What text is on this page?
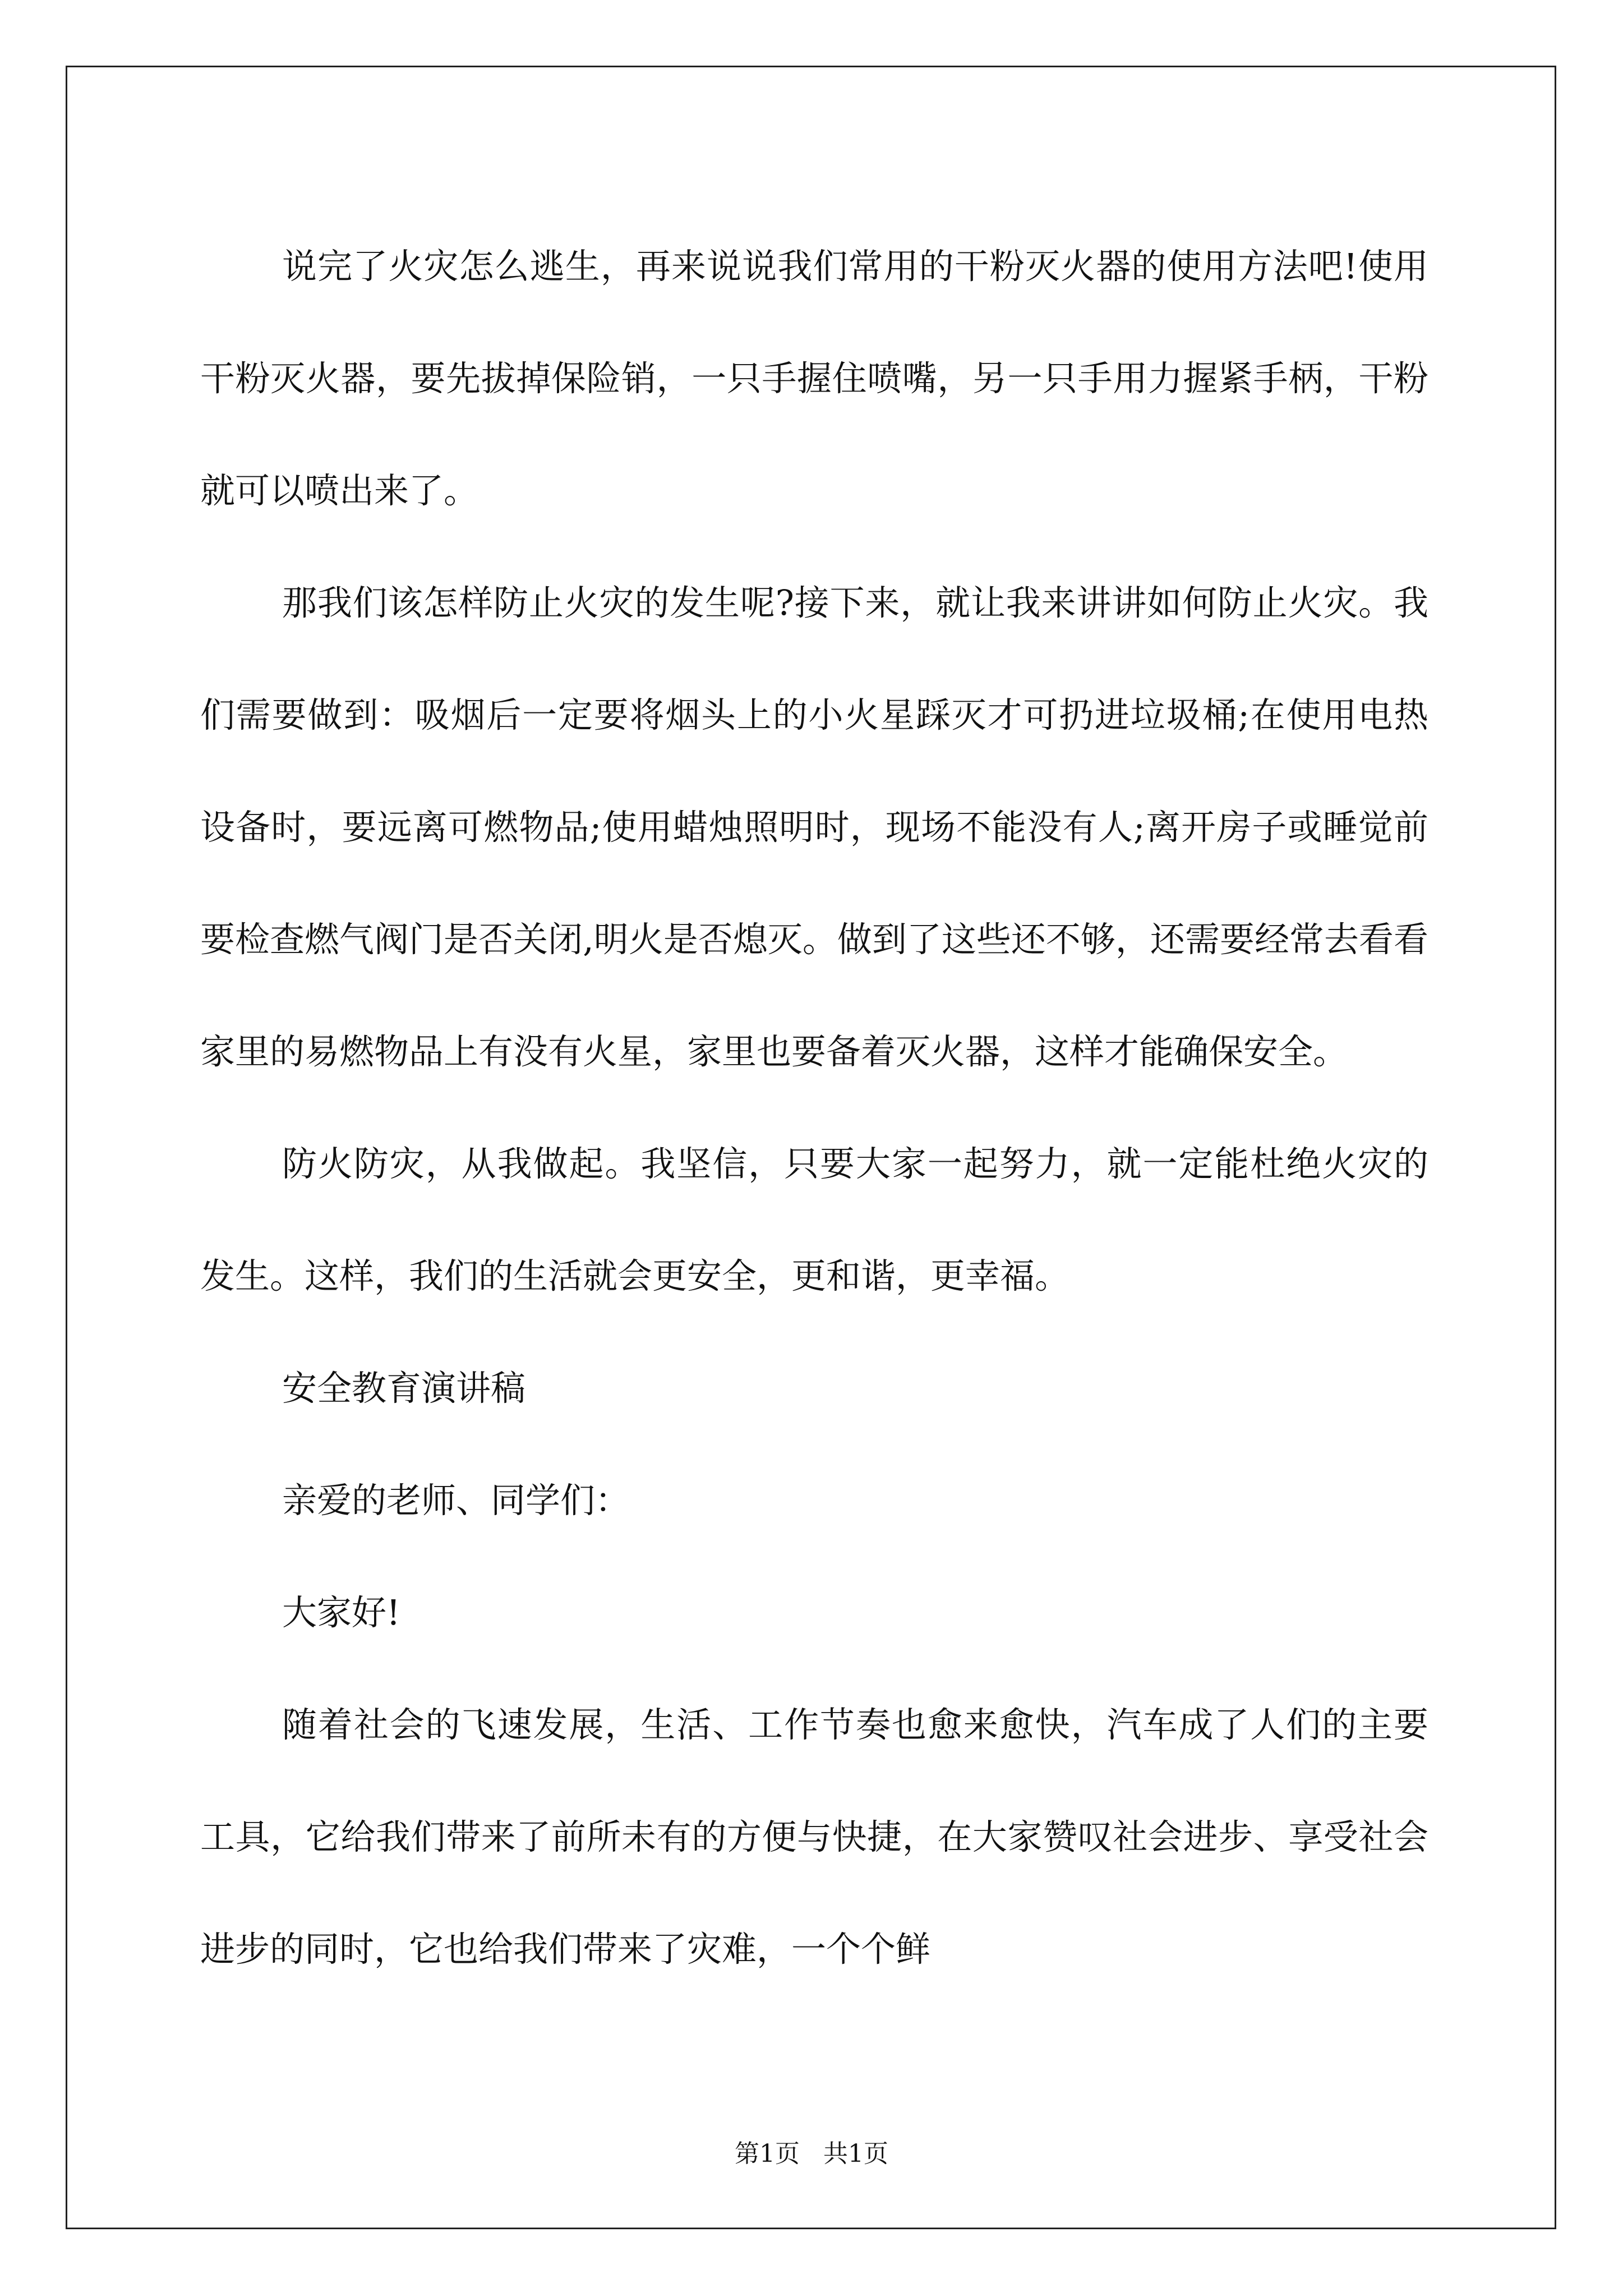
说完了火灾怎么逃生，再来说说我们常用的干粉灭火器的使用方法吧!使用干粉灭火器，要先拔掉保险销，一只手握住喷嘴，另一只手用力握紧手柄，干粉就可以喷出来了。

那我们该怎样防止火灾的发生呢?接下来，就让我来讲讲如何防止火灾。我们需要做到：吸烟后一定要将烟头上的小火星踩灭才可扔进垃圾桶;在使用电热设备时，要远离可燃物品;使用蜡烛照明时，现场不能没有人;离开房子或睡觉前要检查燃气阀门是否关闭,明火是否熄灭。做到了这些还不够，还需要经常去看看家里的易燃物品上有没有火星，家里也要备着灭火器，这样才能确保安全。

防火防灾，从我做起。我坚信，只要大家一起努力，就一定能杜绝火灾的发生。这样，我们的生活就会更安全，更和谐，更幸福。

安全教育演讲稿

亲爱的老师、同学们：

大家好!

随着社会的飞速发展，生活、工作节奏也愈来愈快，汽车成了人们的主要工具，它给我们带来了前所未有的方便与快捷，在大家赞叹社会进步、享受社会进步的同时，它也给我们带来了灾难，一个个鲜

第1页 共1页
